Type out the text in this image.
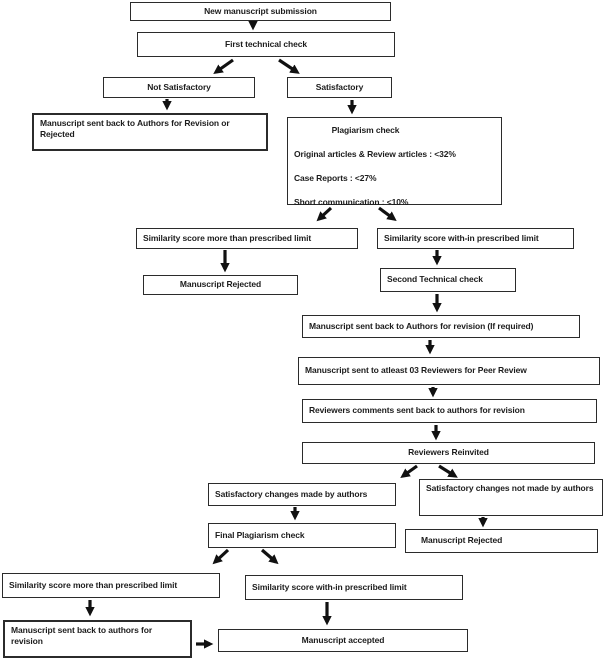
New manuscript submission
First technical check
Not Satisfactory	Satisfactory
Manuscript sent back to Authors for Revision or Rejected	Plagiarism check
Original articles & Review articles : <32%
Case Reports : <27%
Short communication : <10%
Similarity score more than prescribed limit	Similarity score with-in prescribed limit
Manuscript Rejected	Second Technical check
Manuscript sent back to Authors for revision (If required)
Manuscript sent to atleast 03 Reviewers for Peer Review
Reviewers comments sent back to authors for revision
Reviewers Reinvited
Satisfactory changes made by authors
Satisfactory changes not made by authors
Final Plagiarism check
Manuscript Rejected
Similarity score more than prescribed limit	Similarity score with-in prescribed limit
Manuscript sent back to authors for revision	Manuscript accepted
